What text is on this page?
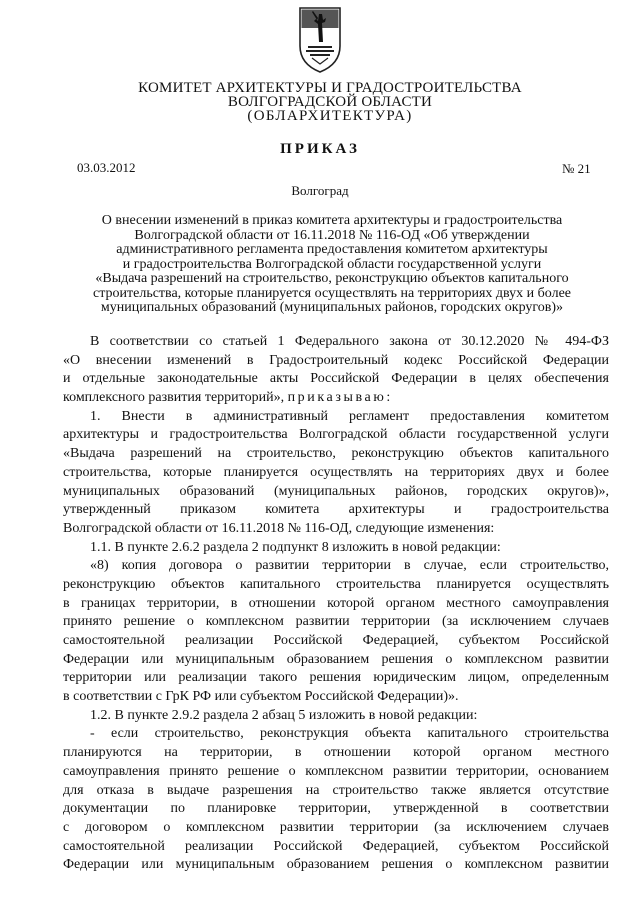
КОМИТЕТ АРХИТЕКТУРЫ И ГРАДОСТРОИТЕЛЬСТВА
ВОЛГОГРАДСКОЙ ОБЛАСТИ
(ОБЛАРХИТЕКТУРА)
ПРИКАЗ
03.03.2012	№ 21
Волгоград
О внесении изменений в приказ комитета архитектуры и градостроительства
Волгоградской области от 16.11.2018 № 116-ОД «Об утверждении
административного регламента предоставления комитетом архитектуры
и градостроительства Волгоградской области государственной услуги
«Выдача разрешений на строительство, реконструкцию объектов капитального
строительства, которые планируется осуществлять на территориях двух и более
муниципальных образований (муниципальных районов, городских округов)»
В соответствии со статьей 1 Федерального закона от 30.12.2020 № 494-ФЗ
«О внесении изменений в Градостроительный кодекс Российской Федерации
и отдельные законодательные акты Российской Федерации в целях обеспечения
комплексного развития территорий», приказываю:
1. Внести в административный регламент предоставления комитетом
архитектуры и градостроительства Волгоградской области государственной услуги
«Выдача разрешений на строительство, реконструкцию объектов капитального
строительства, которые планируется осуществлять на территориях двух и более
муниципальных образований (муниципальных районов, городских округов)»,
утвержденный приказом комитета архитектуры и градостроительства
Волгоградской области от 16.11.2018 № 116-ОД, следующие изменения:
1.1. В пункте 2.6.2 раздела 2 подпункт 8 изложить в новой редакции:
«8) копия договора о развитии территории в случае, если строительство,
реконструкцию объектов капитального строительства планируется осуществлять
в границах территории, в отношении которой органом местного самоуправления
принято решение о комплексном развитии территории (за исключением случаев
самостоятельной реализации Российской Федерацией, субъектом Российской
Федерации или муниципальным образованием решения о комплексном развитии
территории или реализации такого решения юридическим лицом, определенным
в соответствии с ГрК РФ или субъектом Российской Федерации)».
1.2. В пункте 2.9.2 раздела 2 абзац 5 изложить в новой редакции:
- если строительство, реконструкция объекта капитального строительства
планируются на территории, в отношении которой органом местного
самоуправления принято решение о комплексном развитии территории, основанием
для отказа в выдаче разрешения на строительство также является отсутствие
документации по планировке территории, утвержденной в соответствии
с договором о комплексном развитии территории (за исключением случаев
самостоятельной реализации Российской Федерацией, субъектом Российской
Федерации или муниципальным образованием решения о комплексном развитии
